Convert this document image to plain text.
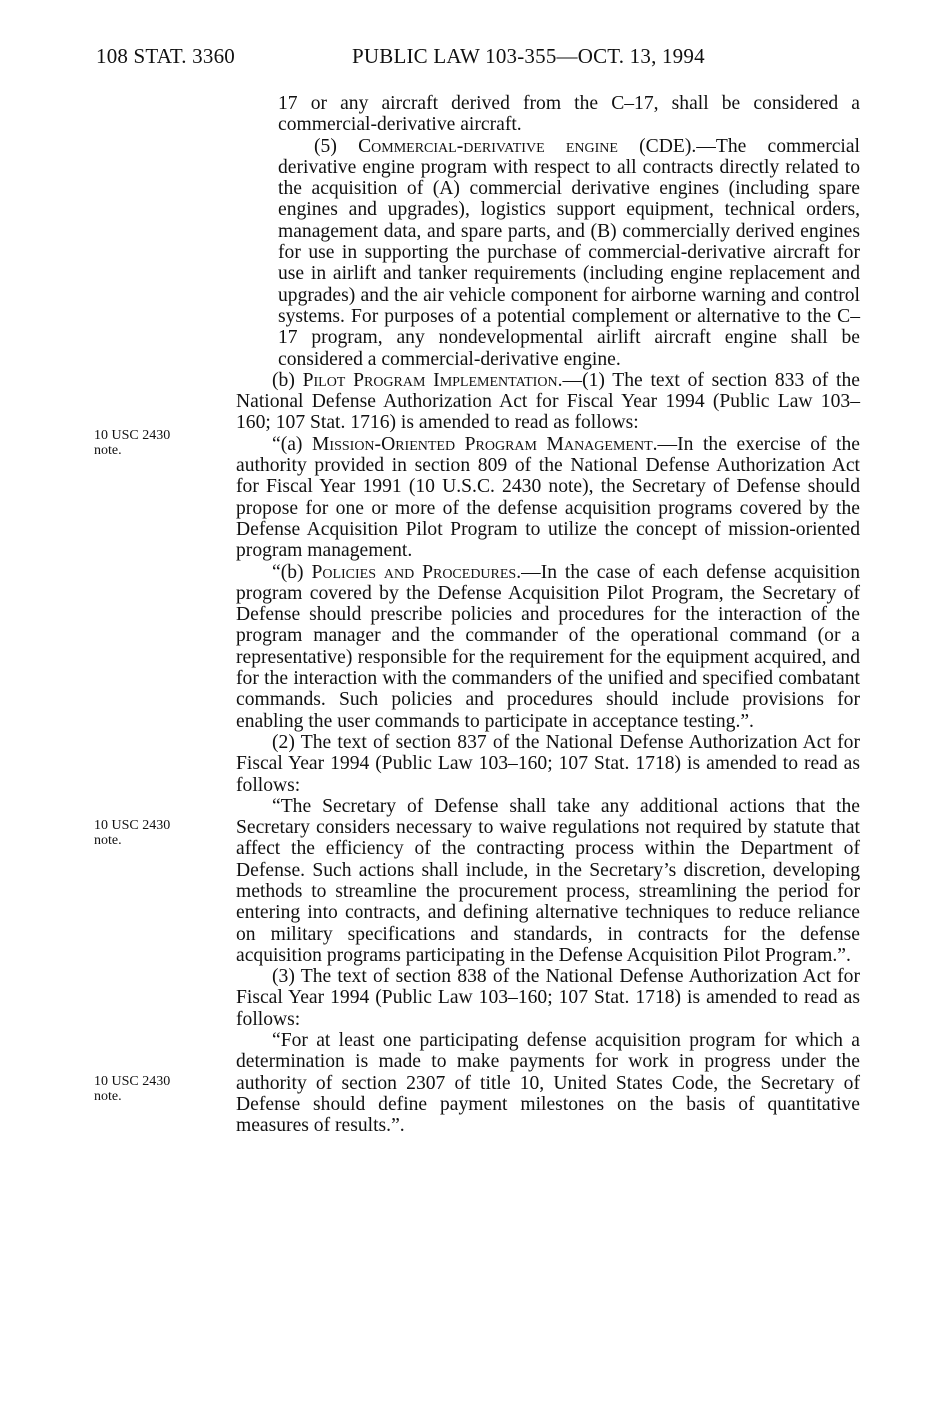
108 STAT. 3360	PUBLIC LAW 103-355—OCT. 13, 1994
10 USC 2430
note.
10 USC 2430
note.
10 USC 2430
note.

17 or any aircraft derived from the C–17, shall be considered a commercial-derivative aircraft.

(5) Commercial-derivative engine (CDE).—The commercial derivative engine program with respect to all contracts directly related to the acquisition of (A) commercial derivative engines (including spare engines and upgrades), logistics support equipment, technical orders, management data, and spare parts, and (B) commercially derived engines for use in supporting the purchase of commercial-derivative aircraft for use in airlift and tanker requirements (including engine replacement and upgrades) and the air vehicle component for airborne warning and control systems. For purposes of a potential complement or alternative to the C–17 program, any nondevelopmental airlift aircraft engine shall be considered a commercial-derivative engine.

(b) Pilot Program Implementation.—(1) The text of section 833 of the National Defense Authorization Act for Fiscal Year 1994 (Public Law 103–160; 107 Stat. 1716) is amended to read as follows:

“(a) Mission-Oriented Program Management.—In the exercise of the authority provided in section 809 of the National Defense Authorization Act for Fiscal Year 1991 (10 U.S.C. 2430 note), the Secretary of Defense should propose for one or more of the defense acquisition programs covered by the Defense Acquisition Pilot Program to utilize the concept of mission-oriented program management.

“(b) Policies and Procedures.—In the case of each defense acquisition program covered by the Defense Acquisition Pilot Program, the Secretary of Defense should prescribe policies and procedures for the interaction of the program manager and the commander of the operational command (or a representative) responsible for the requirement for the equipment acquired, and for the interaction with the commanders of the unified and specified combatant commands. Such policies and procedures should include provisions for enabling the user commands to participate in acceptance testing.”.

(2) The text of section 837 of the National Defense Authorization Act for Fiscal Year 1994 (Public Law 103–160; 107 Stat. 1718) is amended to read as follows:

“The Secretary of Defense shall take any additional actions that the Secretary considers necessary to waive regulations not required by statute that affect the efficiency of the contracting process within the Department of Defense. Such actions shall include, in the Secretary’s discretion, developing methods to streamline the procurement process, streamlining the period for entering into contracts, and defining alternative techniques to reduce reliance on military specifications and standards, in contracts for the defense acquisition programs participating in the Defense Acquisition Pilot Program.”.

(3) The text of section 838 of the National Defense Authorization Act for Fiscal Year 1994 (Public Law 103–160; 107 Stat. 1718) is amended to read as follows:

“For at least one participating defense acquisition program for which a determination is made to make payments for work in progress under the authority of section 2307 of title 10, United States Code, the Secretary of Defense should define payment milestones on the basis of quantitative measures of results.”.
